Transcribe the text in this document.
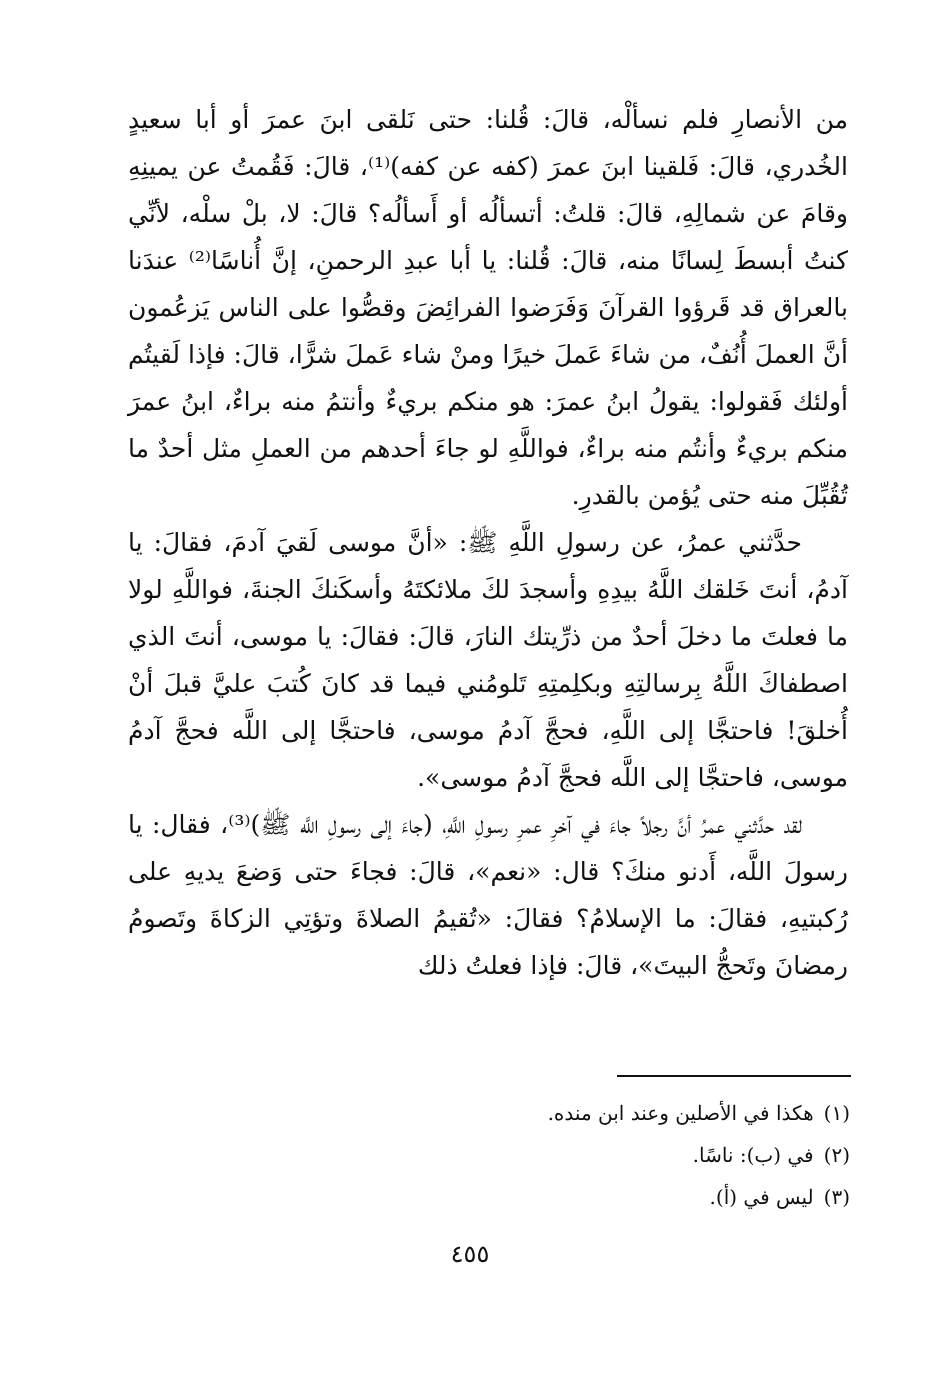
من الأنصارِ فلم نسألْه، قالَ: قُلنا: حتى نَلقى ابنَ عمرَ أو أبا سعيدٍ الخُدري، قالَ: فَلقينا ابنَ عمرَ (كفه عن كفه)⁽¹⁾، قالَ: فَقُمتُ عن يمينِهِ وقامَ عن شمالِهِ، قالَ: قلتُ: أتسألُه أو أَسألُه؟ قالَ: لا، بلْ سلْه، لأنِّي كنتُ أبسطَ لِسانًا منه، قالَ: قُلنا: يا أبا عبدِ الرحمنِ، إنَّ أُناسًا⁽²⁾ عندَنا بالعراق قد قَرؤوا القرآنَ وَفَرَضوا الفرائِضَ وقصُّوا على الناس يَزعُمون أنَّ العملَ أُنُفٌ، من شاءَ عَملَ خيرًا ومنْ شاء عَملَ شرًّا، قالَ: فإذا لَقيتُم أولئك فَقولوا: يقولُ ابنُ عمرَ: هو منكم بريءٌ وأنتمُ منه براءٌ، ابنُ عمرَ منكم بريءٌ وأنتُم منه براءٌ، فواللَّهِ لو جاءَ أحدهم من العملِ مثل أحدٌ ما تُقُبِّلَ منه حتى يُؤمن بالقدرِ.

حدَّثني عمرُ، عن رسولِ اللَّهِ ﷺ: «أنَّ موسى لَقيَ آدمَ، فقالَ: يا آدمُ، أنتَ خَلقك اللَّهُ بيدِهِ وأسجدَ لكَ ملائكتَهُ وأسكَنكَ الجنةَ، فواللَّهِ لولا ما فعلتَ ما دخلَ أحدٌ من ذرِّيتك النارَ، قالَ: فقالَ: يا موسى، أنتَ الذي اصطفاكَ اللَّهُ بِرسالتِهِ وبكلِمتِهِ تَلومُني فيما قد كانَ كُتبَ عليَّ قبلَ أنْ أُخلقَ! فاحتجَّا إلى اللَّهِ، فحجَّ آدمُ موسى، فاحتجَّا إلى اللَّه فحجَّ آدمُ موسى، فاحتجَّا إلى اللَّه فحجَّ آدمُ موسى».

لقد حدَّثني عمرُ أنَّ رجلاً جاءَ في آخرِ عمرِ رسولِ اللَّهِ، (جاءَ إلى رسولِ اللَّه ﷺ)⁽³⁾، فقال: يا رسولَ اللَّه، أَدنو منكَ؟ قال: «نعم»، قالَ: فجاءَ حتى وَضعَ يديهِ على رُكبتيهِ، فقالَ: ما الإسلامُ؟ فقالَ: «تُقيمُ الصلاةَ وتؤتِي الزكاةَ وتَصومُ رمضانَ وتَحجُّ البيتَ»، قالَ: فإذا فعلتُ ذلك

(١)
هكذا في الأصلين وعند ابن منده.
(٢)
في (ب): ناسًا.
(٣)
ليس في (أ).
٤٥٥
